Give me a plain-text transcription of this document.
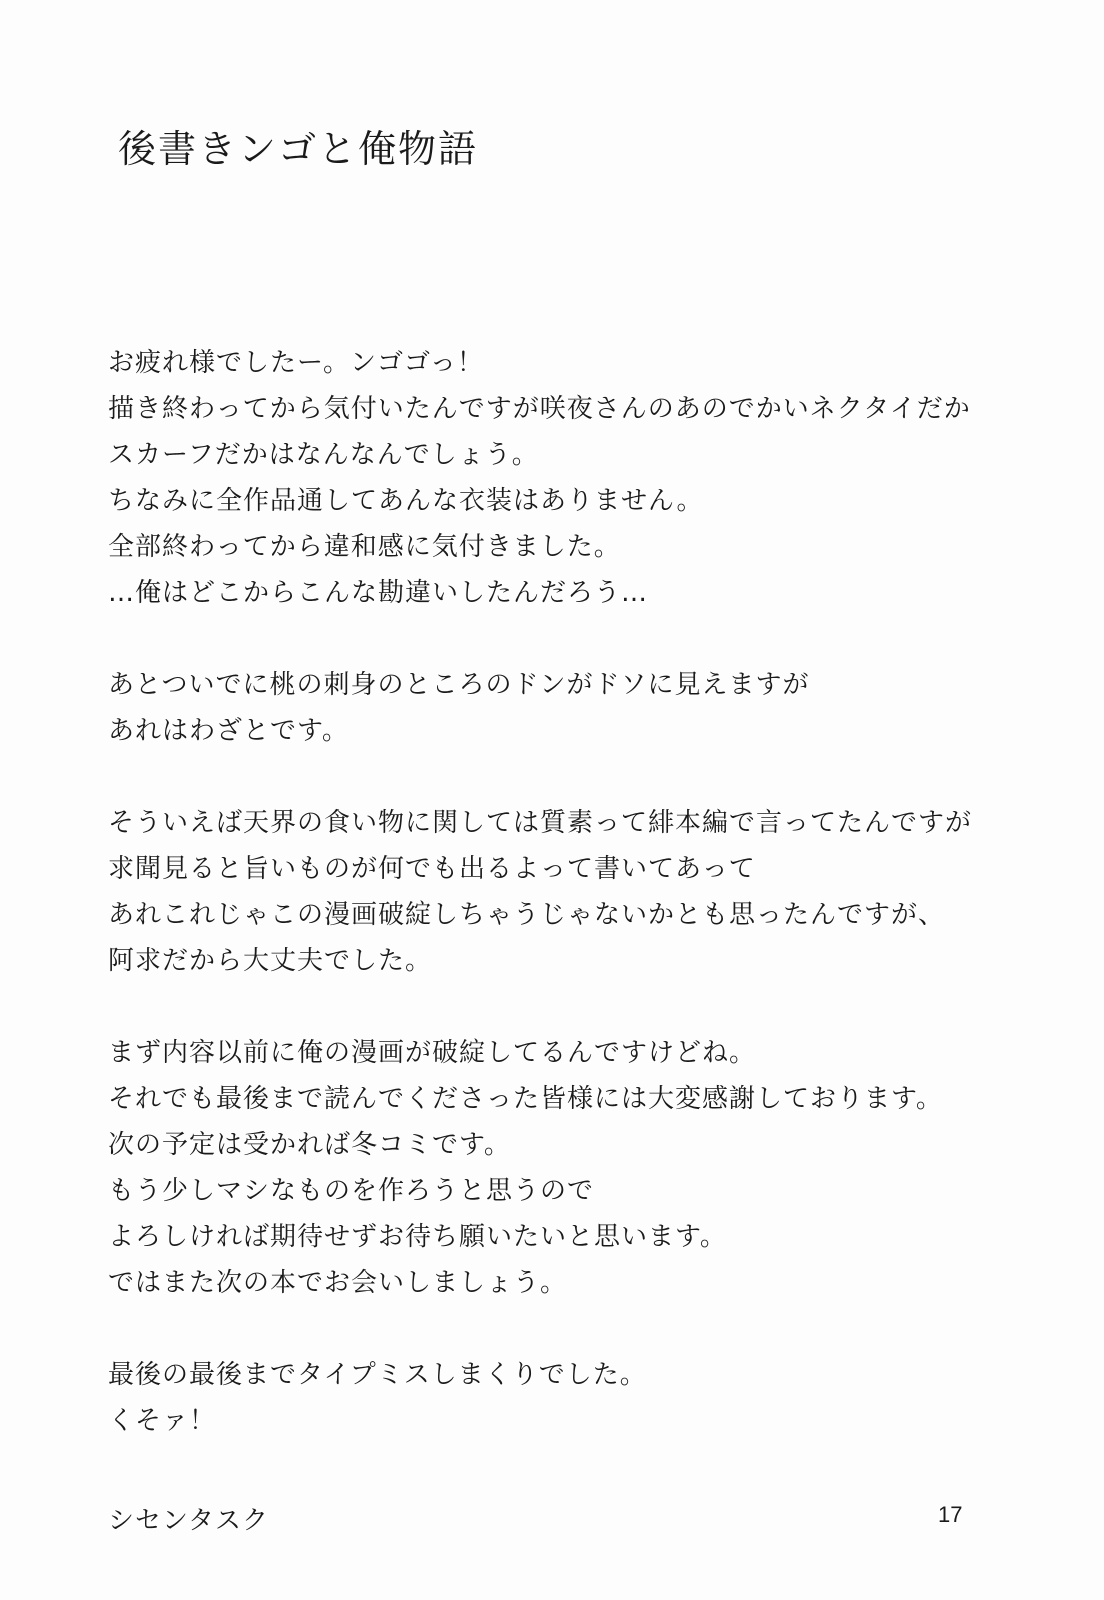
後書きンゴと俺物語
お疲れ様でしたー。ンゴゴっ！
描き終わってから気付いたんですが咲夜さんのあのでかいネクタイだか
スカーフだかはなんなんでしょう。
ちなみに全作品通してあんな衣装はありません。
全部終わってから違和感に気付きました。
…俺はどこからこんな勘違いしたんだろう…
あとついでに桃の刺身のところのドンがドソに見えますが
あれはわざとです。
そういえば天界の食い物に関しては質素って緋本編で言ってたんですが
求聞見ると旨いものが何でも出るよって書いてあって
あれこれじゃこの漫画破綻しちゃうじゃないかとも思ったんですが、
阿求だから大丈夫でした。
まず内容以前に俺の漫画が破綻してるんですけどね。
それでも最後まで読んでくださった皆様には大変感謝しております。
次の予定は受かれば冬コミです。
もう少しマシなものを作ろうと思うので
よろしければ期待せずお待ち願いたいと思います。
ではまた次の本でお会いしましょう。
最後の最後までタイプミスしまくりでした。
くそァ！
シセンタスク	17
